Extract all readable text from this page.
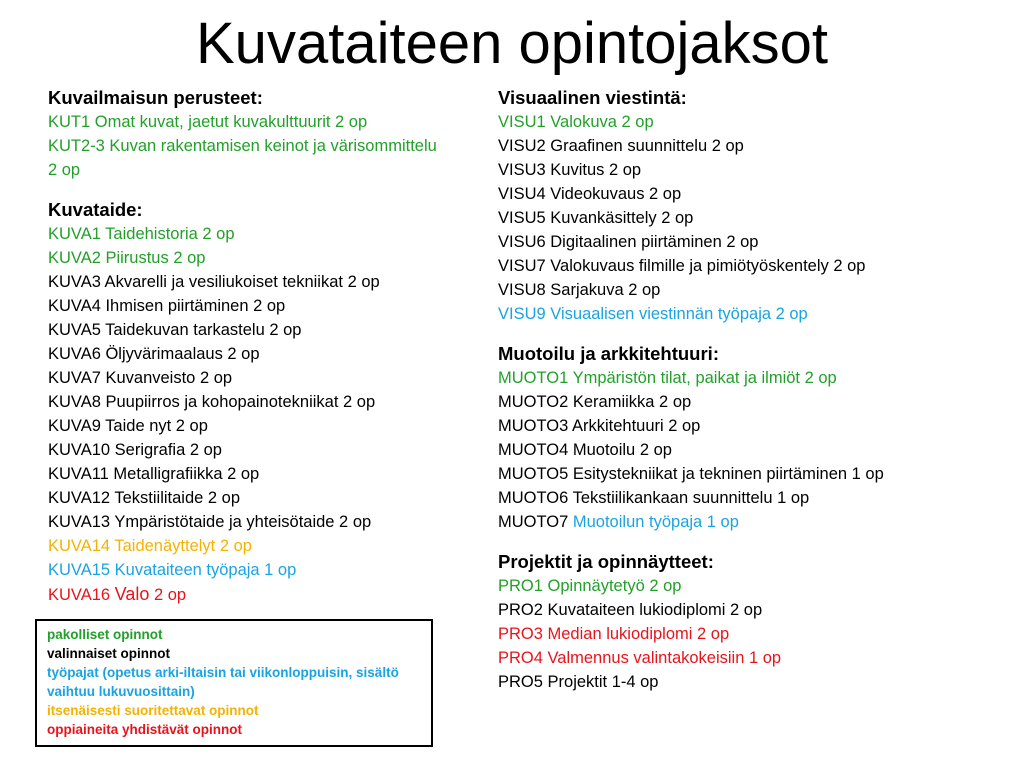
Kuvataiteen opintojaksot
Kuvailmaisun perusteet:
KUT1 Omat kuvat, jaetut kuvakulttuurit 2 op
KUT2-3 Kuvan rakentamisen keinot ja värisommittelu 2 op
Kuvataide:
KUVA1 Taidehistoria 2 op
KUVA2 Piirustus 2 op
KUVA3 Akvarelli ja vesiliukoiset tekniikat 2 op
KUVA4 Ihmisen piirtäminen 2 op
KUVA5 Taidekuvan tarkastelu 2 op
KUVA6 Öljyvärimaalaus 2 op
KUVA7 Kuvanveisto 2 op
KUVA8 Puupiirros ja kohopainotekniikat 2 op
KUVA9 Taide nyt 2 op
KUVA10 Serigrafia 2 op
KUVA11 Metalligrafiikka 2 op
KUVA12 Tekstiilitaide 2 op
KUVA13 Ympäristötaide ja yhteisötaide 2 op
KUVA14 Taidenäyttelyt 2 op
KUVA15 Kuvataiteen työpaja 1 op
KUVA16 Valo 2 op
Visuaalinen viestintä:
VISU1 Valokuva 2 op
VISU2 Graafinen suunnittelu 2 op
VISU3 Kuvitus 2 op
VISU4 Videokuvaus 2 op
VISU5 Kuvankäsittely 2 op
VISU6 Digitaalinen piirtäminen 2 op
VISU7 Valokuvaus filmille ja pimiötyöskentely 2 op
VISU8 Sarjakuva 2 op
VISU9 Visuaalisen viestinnän työpaja 2 op
Muotoilu ja arkkitehtuuri:
MUOTO1 Ympäristön tilat, paikat ja ilmiöt 2 op
MUOTO2 Keramiikka 2 op
MUOTO3 Arkkitehtuuri 2 op
MUOTO4 Muotoilu 2 op
MUOTO5 Esitystekniikat ja tekninen piirtäminen 1 op
MUOTO6 Tekstiilikankaan suunnittelu 1 op
MUOTO7 Muotoilun työpaja 1 op
Projektit ja opinnäytteet:
PRO1 Opinnäytetyö 2 op
PRO2 Kuvataiteen lukiodiplomi 2 op
PRO3 Median lukiodiplomi 2 op
PRO4 Valmennus valintakokeisiin 1 op
PRO5 Projektit 1-4 op
pakolliset opinnot
valinnaiset opinnot
työpajat (opetus arki-iltaisin tai viikonloppuisin, sisältö vaihtuu lukuvuosittain)
itsenäisesti suoritettavat opinnot
oppiaineita yhdistävät opinnot
